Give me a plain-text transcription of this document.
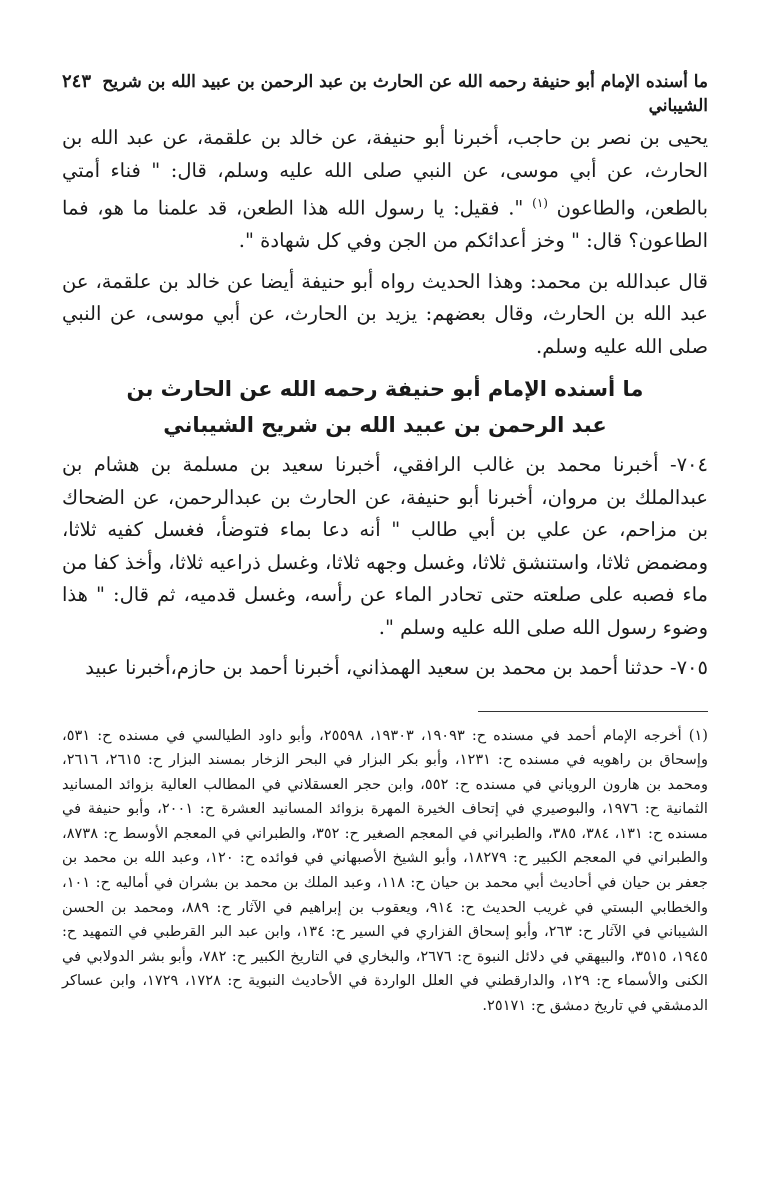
ما أسنده الإمام أبو حنيفة رحمه الله عن الحارث بن عبد الرحمن بن عبيد الله بن شريح الشيباني
٢٤٣

يحيى بن نصر بن حاجب، أخبرنا أبو حنيفة، عن خالد بن علقمة، عن عبد الله بن الحارث، عن أبي موسى، عن النبي صلى الله عليه وسلم، قال: " فناء أمتي بالطعن، والطاعون $^{(١)}$ ". فقيل: يا رسول الله هذا الطعن، قد علمنا ما هو، فما الطاعون؟ قال: " وخز أعدائكم من الجن وفي كل شهادة ".

قال عبدالله بن محمد: وهذا الحديث رواه أبو حنيفة أيضا عن خالد بن علقمة، عن عبد الله بن الحارث، وقال بعضهم: يزيد بن الحارث، عن أبي موسى، عن النبي صلى الله عليه وسلم.

ما أسنده الإمام أبو حنيفة رحمه الله عن الحارث بن
عبد الرحمن بن عبيد الله بن شريح الشيباني

٧٠٤- أخبرنا محمد بن غالب الرافقي، أخبرنا سعيد بن مسلمة بن هشام بن عبدالملك بن مروان، أخبرنا أبو حنيفة، عن الحارث بن عبدالرحمن، عن الضحاك بن مزاحم، عن علي بن أبي طالب " أنه دعا بماء فتوضأ، فغسل كفيه ثلاثا، ومضمض ثلاثا، واستنشق ثلاثا، وغسل وجهه ثلاثا، وغسل ذراعيه ثلاثا، وأخذ كفا من ماء فصبه على صلعته حتى تحادر الماء عن رأسه، وغسل قدميه، ثم قال: " هذا وضوء رسول الله صلى الله عليه وسلم ".

٧٠٥- حدثنا أحمد بن محمد بن سعيد الهمذاني، أخبرنا أحمد بن حازم،أخبرنا عبيد

(١) أخرجه الإمام أحمد في مسنده ح: ١٩٠٩٣، ١٩٣٠٣، ٢٥٥٩٨، وأبو داود الطيالسي في مسنده ح: ٥٣١، وإسحاق بن راهويه في مسنده ح: ١٢٣١، وأبو بكر البزار في البحر الزخار بمسند البزار ح: ٢٦١٥، ٢٦١٦، ومحمد بن هارون الروياني في مسنده ح: ٥٥٢، وابن حجر العسقلاني في المطالب العالية بزوائد المسانيد الثمانية ح: ١٩٧٦، والبوصيري في إتحاف الخيرة المهرة بزوائد المسانيد العشرة ح: ٢٠٠١، وأبو حنيفة في مسنده ح: ١٣١، ٣٨٤، ٣٨٥، والطبراني في المعجم الصغير ح: ٣٥٢، والطبراني في المعجم الأوسط ح: ٨٧٣٨، والطبراني في المعجم الكبير ح: ١٨٢٧٩، وأبو الشيخ الأصبهاني في فوائده ح: ١٢٠، وعبد الله بن محمد بن جعفر بن حيان في أحاديث أبي محمد بن حيان ح: ١١٨، وعبد الملك بن محمد بن بشران في أماليه ح: ١٠١، والخطابي البستي في غريب الحديث ح: ٩١٤، ويعقوب بن إبراهيم في الآثار ح: ٨٨٩، ومحمد بن الحسن الشيباني في الآثار ح: ٢٦٣، وأبو إسحاق الفزاري في السير ح: ١٣٤، وابن عبد البر القرطبي في التمهيد ح: ١٩٤٥، ٣٥١٥، والبيهقي في دلائل النبوة ح: ٢٦٧٦، والبخاري في التاريخ الكبير ح: ٧٨٢، وأبو بشر الدولابي في الكنى والأسماء ح: ١٢٩، والدارقطني في العلل الواردة في الأحاديث النبوية ح: ١٧٢٨، ١٧٢٩، وابن عساكر الدمشقي في تاريخ دمشق ح: ٢٥١٧١.
